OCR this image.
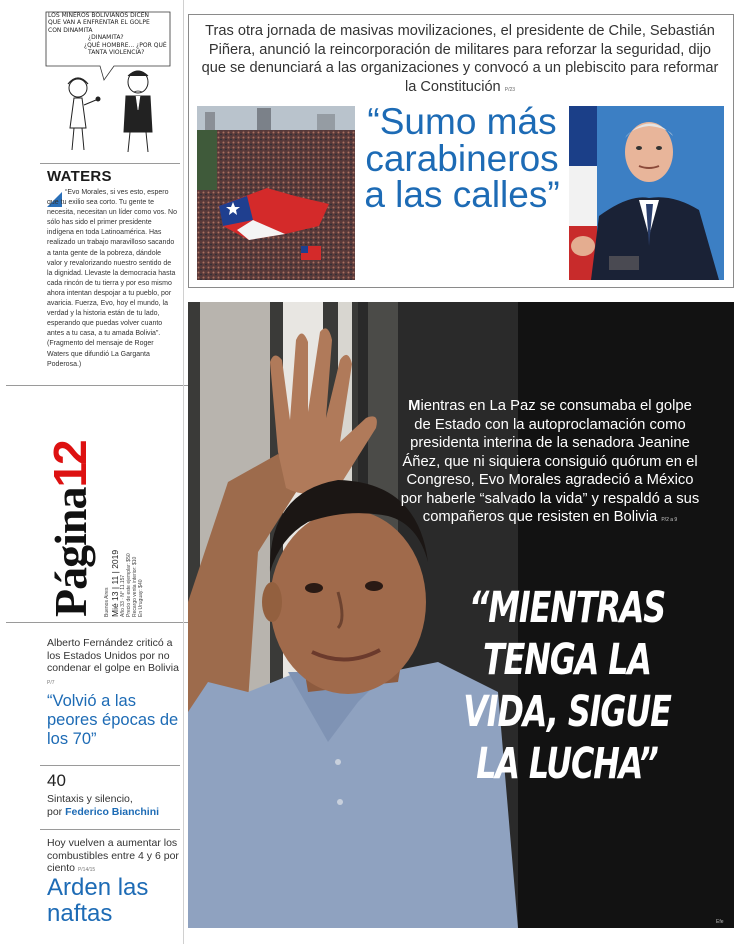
LOS MINEROS BOLIVIANOS DICEN
QUE VAN A ENFRENTAR EL GOLPE
CON DINAMITA
¿DINAMITA?
¿QUÉ HOMBRE... ¿POR QUÉ
TANTA VIOLENCIA?
WATERS
“Evo Morales, si ves esto, espero que tu exilio sea corto. Tu gente te necesita, necesitan un líder como vos. No sólo has sido el primer presidente indígena en toda Latinoamérica. Has realizado un trabajo maravilloso sacando a tanta gente de la pobreza, dándole valor y revalorizando nuestro sentido de la dignidad. Llevaste la democracia hasta cada rincón de tu tierra y por eso mismo ahora intentan despojar a tu pueblo, por avaricia. Fuerza, Evo, hoy el mundo, la verdad y la historia están de tu lado, esperando que puedas volver cuanto antes a tu casa, a tu amada Bolivia”. (Fragmento del mensaje de Roger Waters que difundió La Garganta Poderosa.)
Página12
Buenos Aires Mié 13 | 11 | 2019 Año 33 · N° 11.157 Precio de este ejemplar: $50 Recargo venta interior: $10 En Uruguay: $40
Alberto Fernández criticó a los Estados Unidos por no condenar el golpe en Bolivia P/7
“Volvió a las peores épocas de los 70”
40
Sintaxis y silencio,
por Federico Bianchini
Hoy vuelven a aumentar los combustibles entre 4 y 6 por ciento P/14/15
Arden las naftas
Tras otra jornada de masivas movilizaciones, el presidente de Chile, Sebastián Piñera, anunció la reincorporación de militares para reforzar la seguridad, dijo que se denunciará a las organizaciones y convocó a un plebiscito para reformar la Constitución P/23
“Sumo más carabineros a las calles”
Mientras en La Paz se consumaba el golpe de Estado con la autoproclamación como presidenta interina de la senadora Jeanine Áñez, que ni siquiera consiguió quórum en el Congreso, Evo Morales agradeció a México por haberle “salvado la vida” y respaldó a sus compañeros que resisten en Bolivia P/2 a 9
“MIENTRAS TENGA LA VIDA, SIGUE LA LUCHA”
Efe
